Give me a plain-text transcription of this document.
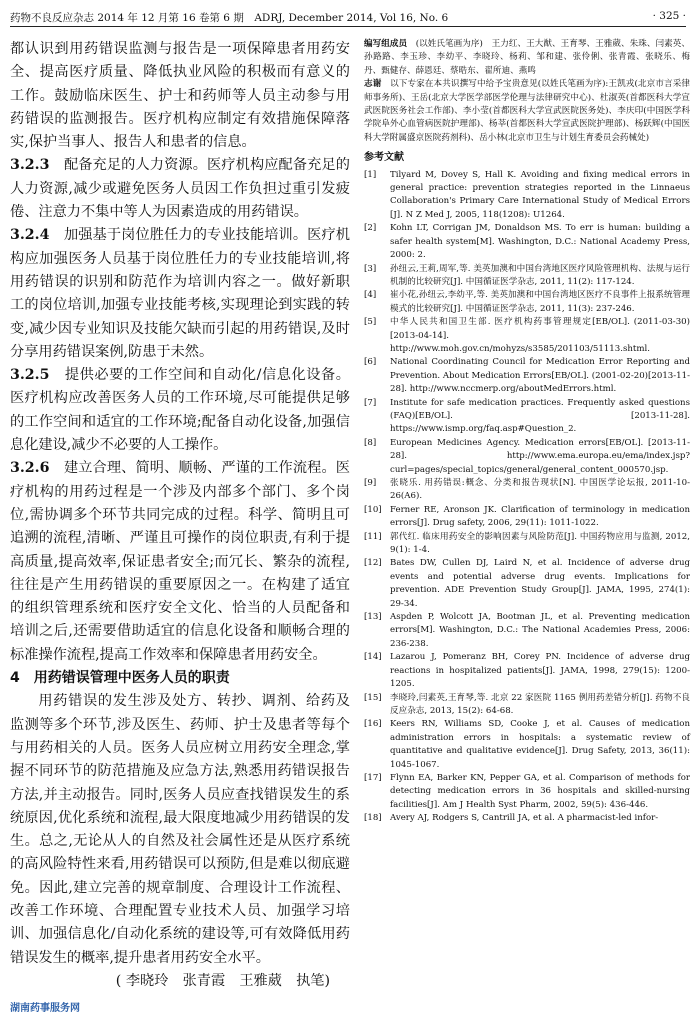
药物不良反应杂志 2014 年 12 月第 16 卷第 6 期　ADRJ, December 2014, Vol 16, No. 6	· 325 ·

都认识到用药错误监测与报告是一项保障患者用药安全、提高医疗质量、降低执业风险的积极而有意义的工作。鼓励临床医生、护士和药师等人员主动参与用药错误的监测报告。医疗机构应制定有效措施保障落实,保护当事人、报告人和患者的信息。

3.2.3　 配备充足的人力资源。医疗机构应配备充足的人力资源,减少或避免医务人员因工作负担过重引发疲倦、注意力不集中等人为因素造成的用药错误。

3.2.4　 加强基于岗位胜任力的专业技能培训。医疗机构应加强医务人员基于岗位胜任力的专业技能培训,将用药错误的识别和防范作为培训内容之一。做好新职工的岗位培训,加强专业技能考核,实现理论到实践的转变,减少因专业知识及技能欠缺而引起的用药错误,及时分享用药错误案例,防患于未然。

3.2.5　 提供必要的工作空间和自动化/信息化设备。医疗机构应改善医务人员的工作环境,尽可能提供足够的工作空间和适宜的工作环境;配备自动化设备,加强信息化建设,减少不必要的人工操作。

3.2.6　 建立合理、简明、顺畅、严谨的工作流程。医疗机构的用药过程是一个涉及内部多个部门、多个岗位,需协调多个环节共同完成的过程。科学、简明且可追溯的流程,清晰、严谨且可操作的岗位职责,有利于提高质量,提高效率,保证患者安全;而冗长、繁杂的流程,往往是产生用药错误的重要原因之一。在构建了适宜的组织管理系统和医疗安全文化、恰当的人员配备和培训之后,还需要借助适宜的信息化设备和顺畅合理的标准操作流程,提高工作效率和保障患者用药安全。

4　用药错误管理中医务人员的职责

用药错误的发生涉及处方、转抄、调剂、给药及监测等多个环节,涉及医生、药师、护士及患者等每个与用药相关的人员。医务人员应树立用药安全理念,掌握不同环节的防范措施及应急方法,熟悉用药错误报告方法,并主动报告。同时,医务人员应查找错误发生的系统原因,优化系统和流程,最大限度地减少用药错误的发生。总之,无论从人的自然及社会属性还是从医疗系统的高风险特性来看,用药错误可以预防,但是难以彻底避免。因此,建立完善的规章制度、合理设计工作流程、改善工作环境、合理配置专业技术人员、加强学习培训、加强信息化/自动化系统的建设等,可有效降低用药错误发生的概率,提升患者用药安全水平。

( 李晓玲　张青霞　王雅葳　执笔)

编写组成员　 (以姓氏笔画为序)　王力红、王大猷、王育琴、王雅葳、朱珠、闫素英、孙路路、李玉珍、李幼平、李晓玲、杨莉、邹和建、张伶俐、张青霞、张晓乐、梅丹、甄健存、薛恩廷、蔡晧东、翟所迪、燕鸣

志谢　 以下专家在本共识撰写中给予宝贵意见(以姓氏笔画为序):王凯戎(北京市言采律师事务所)、王岳(北京大学医学部医学伦理与法律研究中心)、杜淑英(首都医科大学宣武医院医务社会工作部)、李小莹(首都医科大学宣武医院医务处)、李庆印(中国医学科学院阜外心血管病医院护理部)、杨莘(首都医科大学宣武医院护理部)、杨跃辉(中国医科大学附属盛京医院药剂科)、岳小林(北京市卫生与计划生育委员会药械处)

参考文献

[1]	Tilyard M, Dovey S, Hall K. Avoiding and fixing medical errors in general practice: prevention strategies reported in the Linnaeus Collaboration's Primary Care International Study of Medical Errors [J]. N Z Med J, 2005, 118(1208): U1264.
[2]	Kohn LT, Corrigan JM, Donaldson MS. To err is human: building a safer health system[M]. Washington, D.C.: National Academy Press, 2000: 2.
[3]	孙纽云,王莉,周军,等. 美英加澳和中国台湾地区医疗风险管理机构、法规与运行机制的比较研究[J]. 中国循证医学杂志, 2011, 11(2): 117-124.
[4]	崔小花,孙纽云,李幼平,等. 美英加澳和中国台湾地区医疗不良事件上报系统管理模式的比较研究[J]. 中国循证医学杂志, 2011, 11(3): 237-246.
[5]	中华人民共和国卫生部. 医疗机构药事管理规定[EB/OL]. (2011-03-30)[2013-04-14]. http://www.moh.gov.cn/mohyzs/s3585/201103/51113.shtml.
[6]	National Coordinating Council for Medication Error Reporting and Prevention. About Medication Errors[EB/OL]. (2001-02-20)[2013-11-28]. http://www.nccmerp.org/aboutMedErrors.html.
[7]	Institute for safe medication practices. Frequently asked questions (FAQ)[EB/OL]. [2013-11-28]. https://www.ismp.org/faq.asp#Question_2.
[8]	European Medicines Agency. Medication errors[EB/OL]. [2013-11-28]. http://www.ema.europa.eu/ema/index.jsp?curl=pages/special_topics/general/general_content_000570.jsp.
[9]	张晓乐. 用药错误:概念、分类和报告现状[N]. 中国医学论坛报, 2011-10-26(A6).
[10] Ferner RE, Aronson JK. Clarification of terminology in medication errors[J]. Drug safety, 2006, 29(11): 1011-1022.
[11] 郭代红. 临床用药安全的影响因素与风险防范[J]. 中国药物应用与监测, 2012, 9(1): 1-4.
[12] Bates DW, Cullen DJ, Laird N, et al. Incidence of adverse drug events and potential adverse drug events. Implications for prevention. ADE Prevention Study Group[J]. JAMA, 1995, 274(1): 29-34.
[13] Aspden P, Wolcott JA, Bootman JL, et al. Preventing medication errors[M]. Washington, D.C.: The National Academies Press, 2006: 236-238.
[14] Lazarou J, Pomeranz BH, Corey PN. Incidence of adverse drug reactions in hospitalized patients[J]. JAMA, 1998, 279(15): 1200-1205.
[15] 李晓玲,闫素英,王育琴,等. 北京 22 家医院 1165 例用药差错分析[J]. 药物不良反应杂志, 2013, 15(2): 64-68.
[16] Keers RN, Williams SD, Cooke J, et al. Causes of medication administration errors in hospitals: a systematic review of quantitative and qualitative evidence[J]. Drug Safety, 2013, 36(11): 1045-1067.
[17] Flynn EA, Barker KN, Pepper GA, et al. Comparison of methods for detecting medication errors in 36 hospitals and skilled-nursing facilities[J]. Am J Health Syst Pharm, 2002, 59(5): 436-446.
[18] Avery AJ, Rodgers S, Cantrill JA, et al. A pharmacist-led infor-
湖南药事服务网
